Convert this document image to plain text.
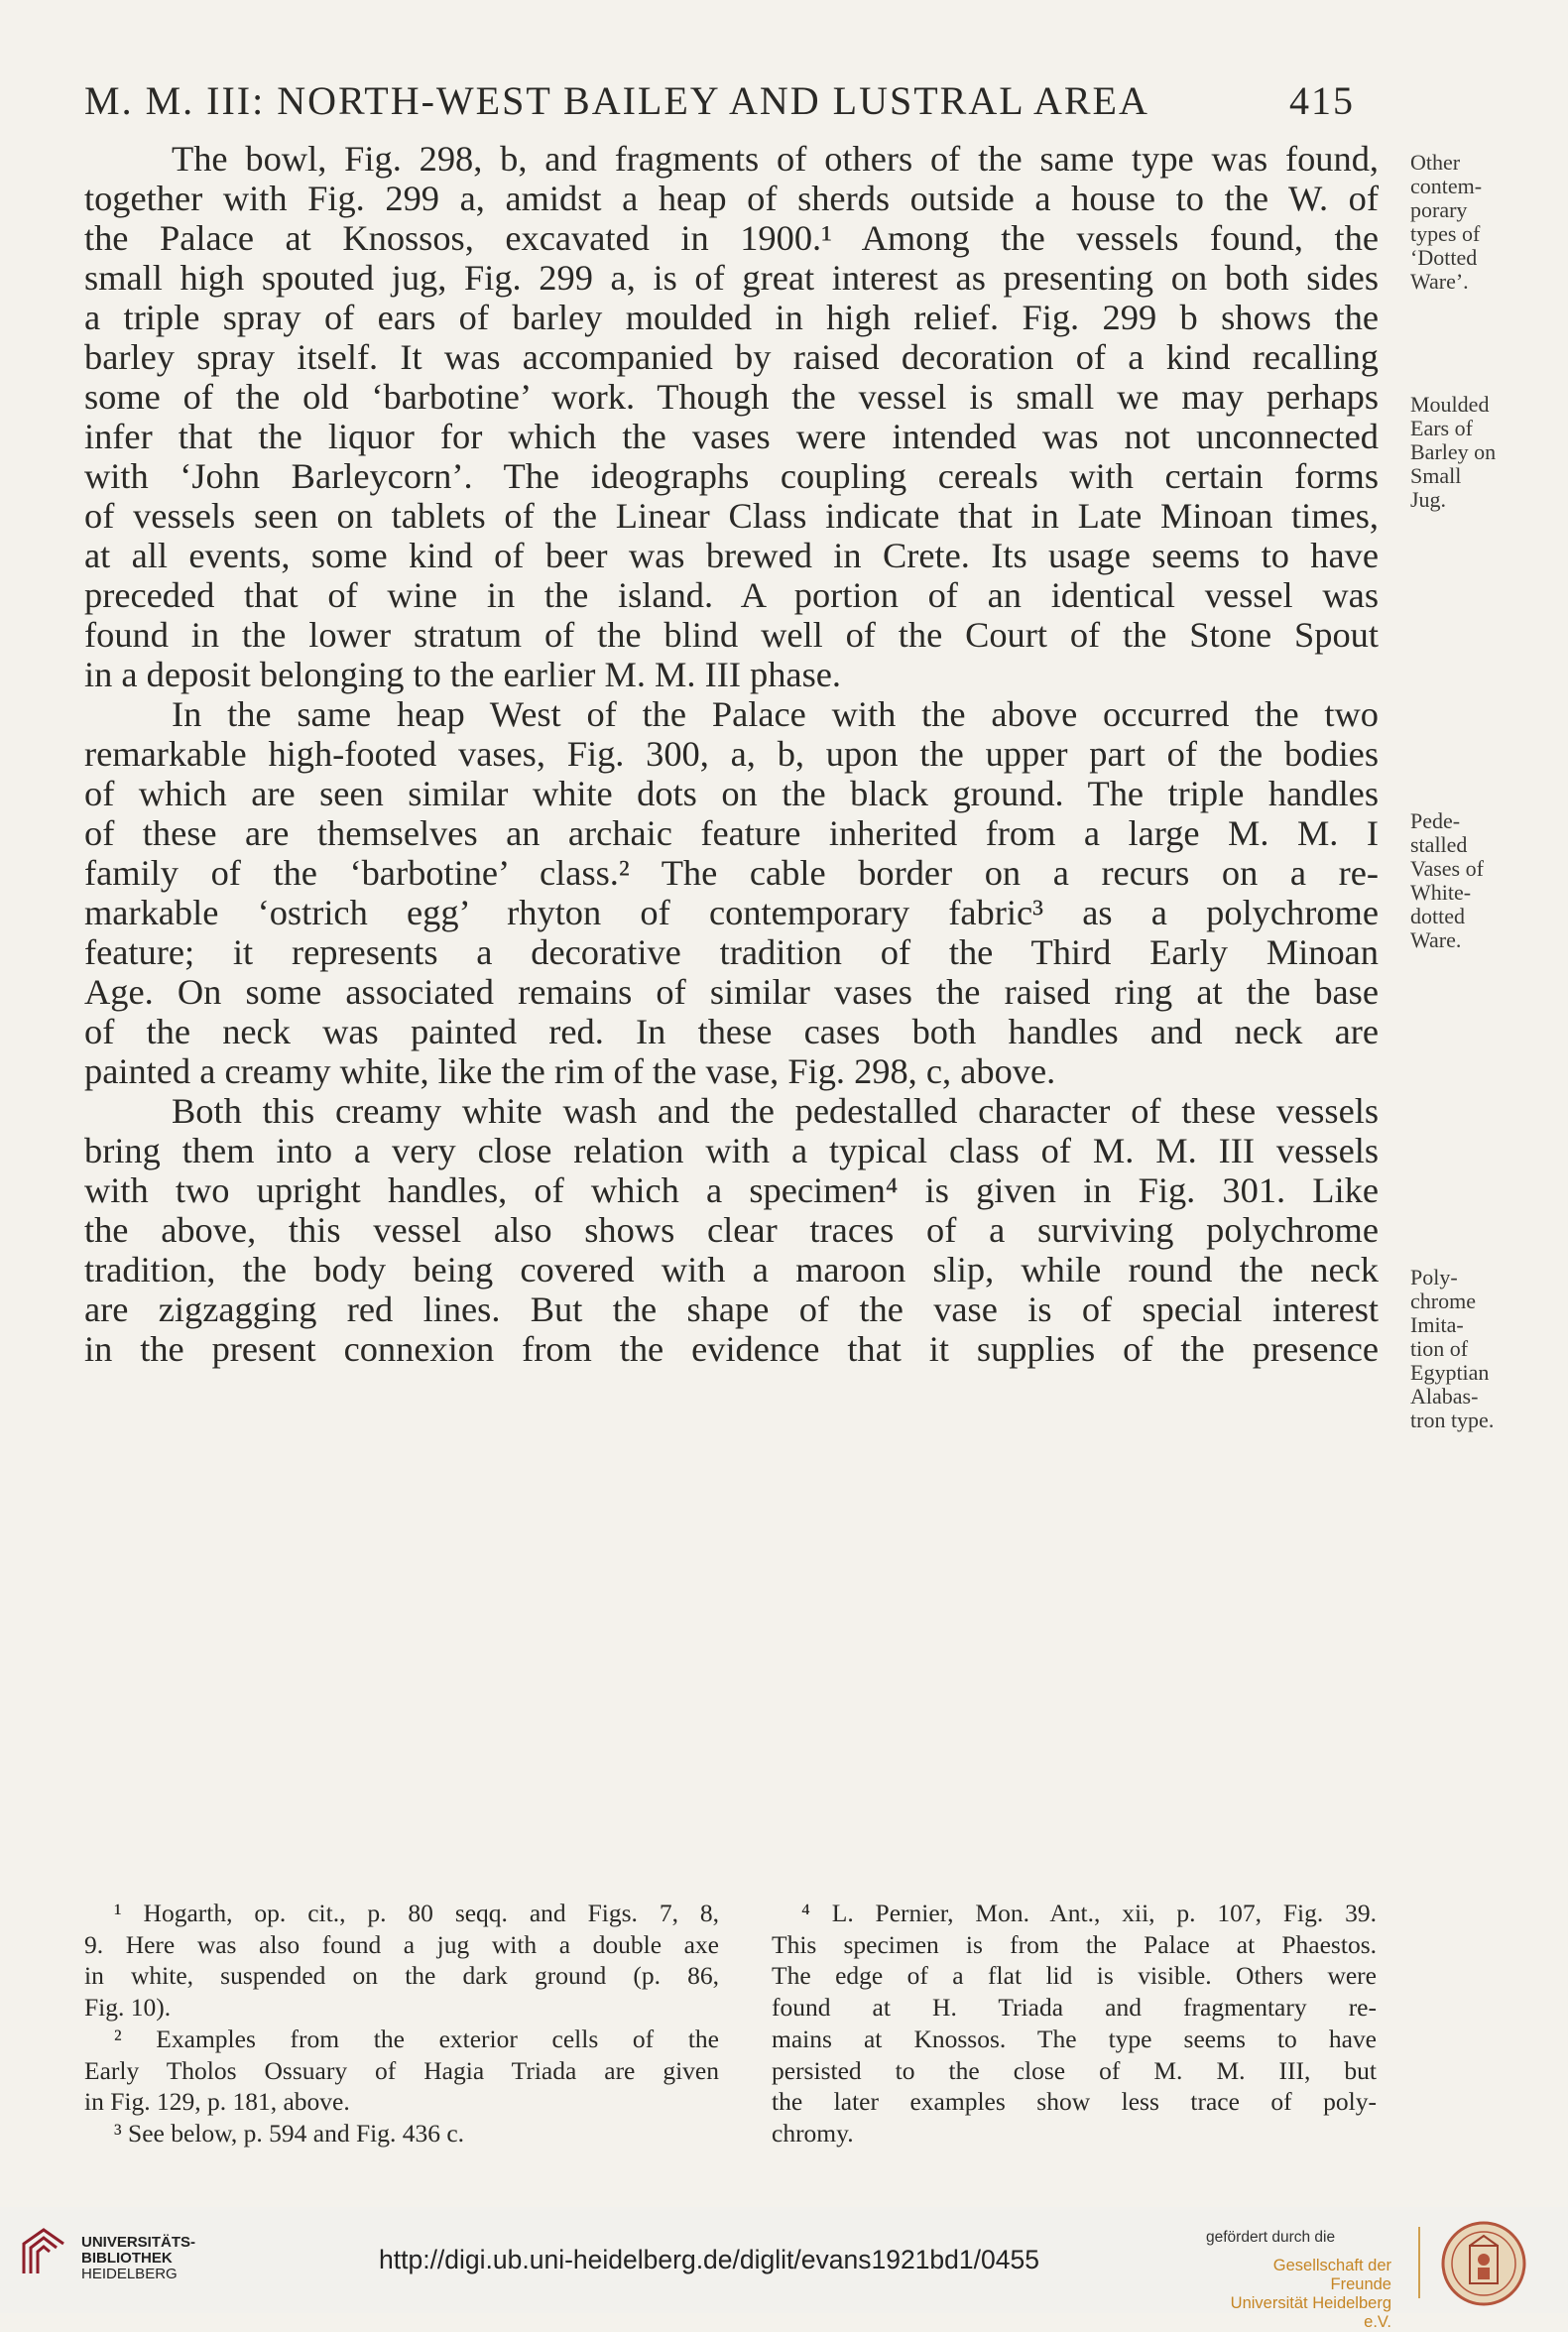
M. M. III: NORTH-WEST BAILEY AND LUSTRAL AREA	415

The bowl, Fig. 298, b, and fragments of others of the same type was found,
together with Fig. 299 a, amidst a heap of sherds outside a house to the W. of
the Palace at Knossos, excavated in 1900.¹ Among the vessels found, the
small high spouted jug, Fig. 299 a, is of great interest as presenting on both sides
a triple spray of ears of barley moulded in high relief. Fig. 299 b shows the
barley spray itself. It was accompanied by raised decoration of a kind recalling
some of the old ‘barbotine’ work. Though the vessel is small we may perhaps
infer that the liquor for which the vases were intended was not unconnected
with ‘John Barleycorn’. The ideographs coupling cereals with certain forms
of vessels seen on tablets of the Linear Class indicate that in Late Minoan times,
at all events, some kind of beer was brewed in Crete. Its usage seems to have
preceded that of wine in the island. A portion of an identical vessel was
found in the lower stratum of the blind well of the Court of the Stone Spout
in a deposit belonging to the earlier M. M. III phase.

In the same heap West of the Palace with the above occurred the two
remarkable high-footed vases, Fig. 300, a, b, upon the upper part of the bodies
of which are seen similar white dots on the black ground. The triple handles
of these are themselves an archaic feature inherited from a large M. M. I
family of the ‘barbotine’ class.² The cable border on a recurs on a re-
markable ‘ostrich egg’ rhyton of contemporary fabric³ as a polychrome
feature; it represents a decorative tradition of the Third Early Minoan
Age. On some associated remains of similar vases the raised ring at the base
of the neck was painted red. In these cases both handles and neck are
painted a creamy white, like the rim of the vase, Fig. 298, c, above.

Both this creamy white wash and the pedestalled character of these vessels
bring them into a very close relation with a typical class of M. M. III vessels
with two upright handles, of which a specimen⁴ is given in Fig. 301. Like
the above, this vessel also shows clear traces of a surviving polychrome
tradition, the body being covered with a maroon slip, while round the neck
are zigzagging red lines. But the shape of the vase is of special interest
in the present connexion from the evidence that it supplies of the presence

Other
contem-
porary
types of
‘Dotted
Ware’.
Moulded
Ears of
Barley on
Small
Jug.
Pede-
stalled
Vases of
White-
dotted
Ware.
Poly-
chrome
Imita-
tion of
Egyptian
Alabas-
tron type.
¹ Hogarth, op. cit., p. 80 seqq. and Figs. 7, 8,
9. Here was also found a jug with a double axe
in white, suspended on the dark ground (p. 86,
Fig. 10).
² Examples from the exterior cells of the
Early Tholos Ossuary of Hagia Triada are given
in Fig. 129, p. 181, above.
³ See below, p. 594 and Fig. 436 c.
⁴ L. Pernier, Mon. Ant., xii, p. 107, Fig. 39.
This specimen is from the Palace at Phaestos.
The edge of a flat lid is visible. Others were
found at H. Triada and fragmentary re-
mains at Knossos. The type seems to have
persisted to the close of M. M. III, but
the later examples show less trace of poly-
chromy.
UNIVERSITÄTS-
BIBLIOTHEK
HEIDELBERG	http://digi.ub.uni-heidelberg.de/diglit/evans1921bd1/0455
gefördert durch die
Gesellschaft der Freunde
Universität Heidelberg e.V.
